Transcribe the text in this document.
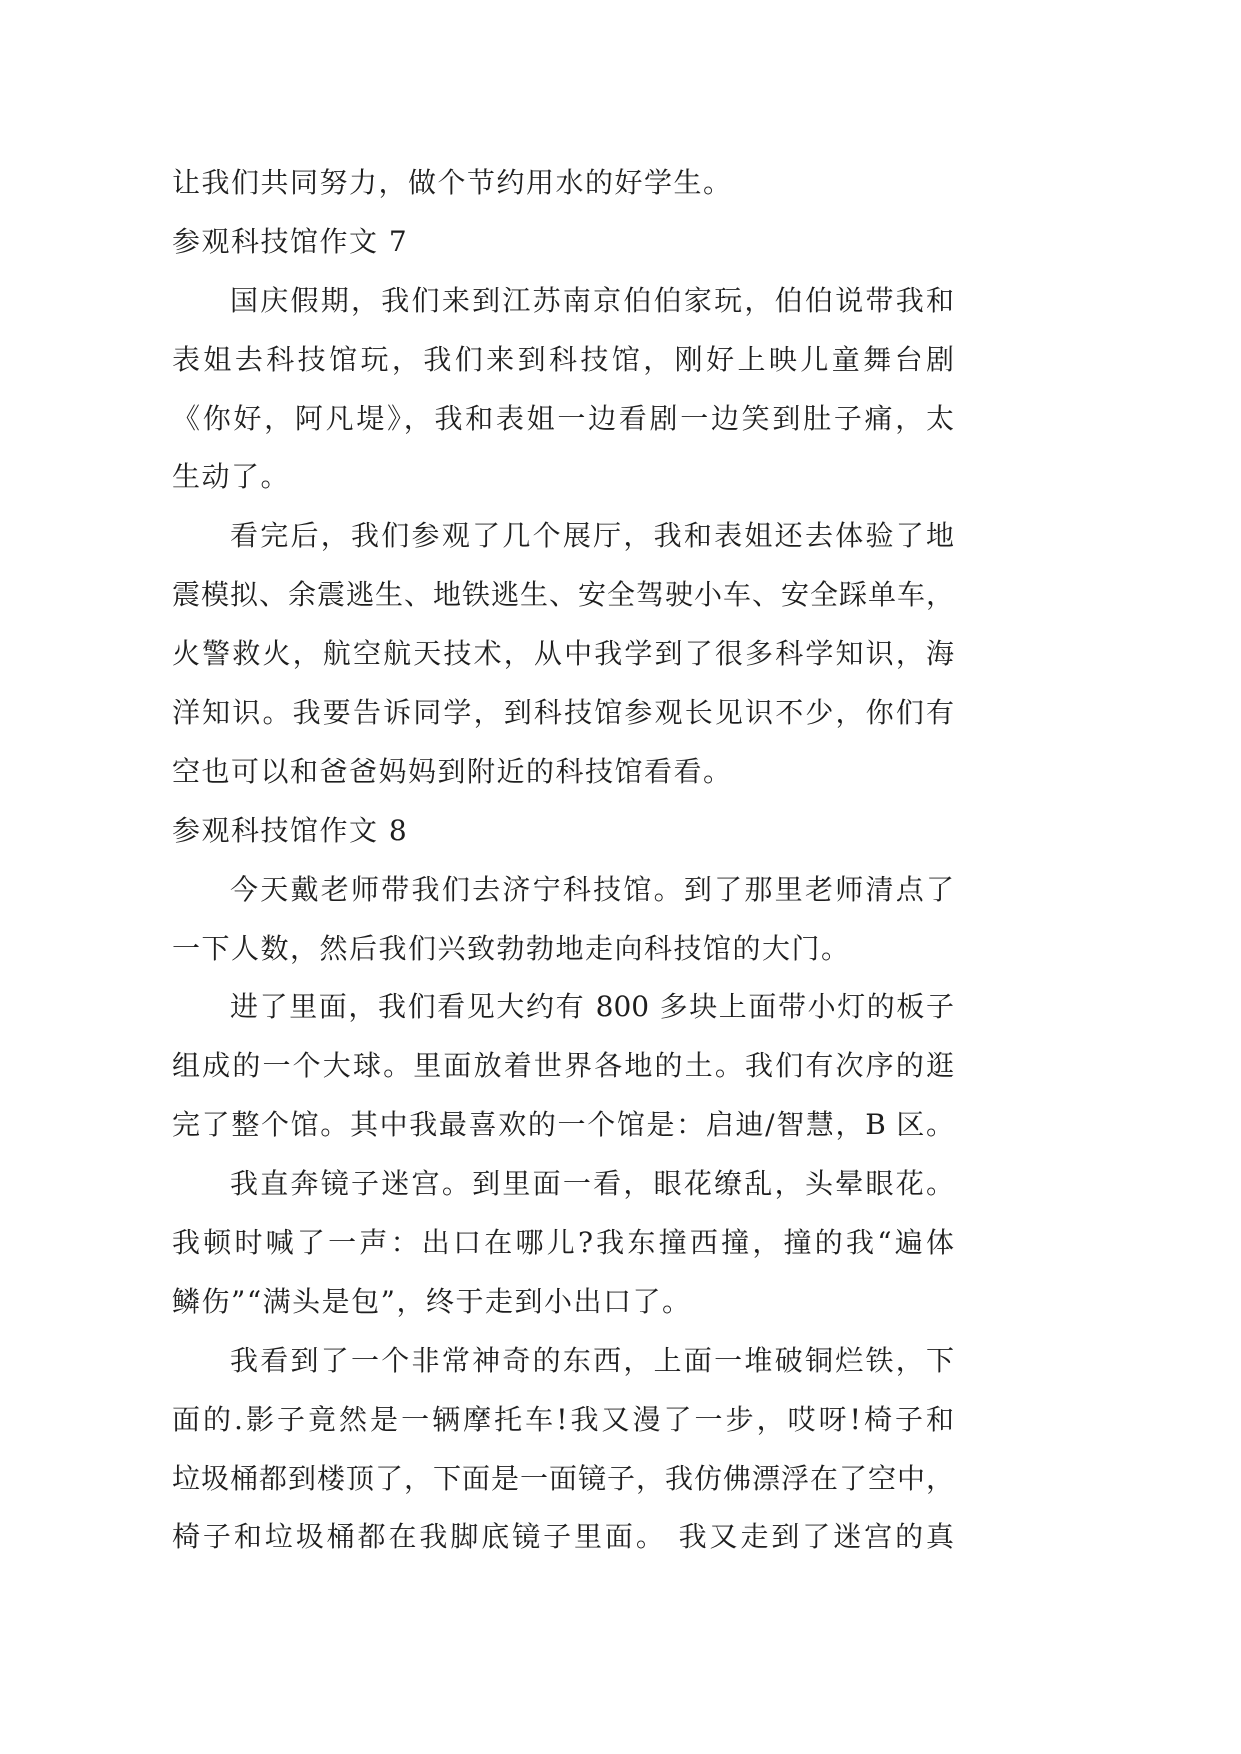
让我们共同努力，做个节约用水的好学生。
参观科技馆作文 7
国庆假期，我们来到江苏南京伯伯家玩，伯伯说带我和
表姐去科技馆玩，我们来到科技馆，刚好上映儿童舞台剧
《你好，阿凡堤》，我和表姐一边看剧一边笑到肚子痛，太
生动了。
看完后，我们参观了几个展厅，我和表姐还去体验了地
震模拟、余震逃生、地铁逃生、安全驾驶小车、安全踩单车，
火警救火，航空航天技术，从中我学到了很多科学知识，海
洋知识。我要告诉同学，到科技馆参观长见识不少，你们有
空也可以和爸爸妈妈到附近的科技馆看看。
参观科技馆作文 8
今天戴老师带我们去济宁科技馆。到了那里老师清点了
一下人数，然后我们兴致勃勃地走向科技馆的大门。
进了里面，我们看见大约有 800 多块上面带小灯的板子
组成的一个大球。里面放着世界各地的土。我们有次序的逛
完了整个馆。其中我最喜欢的一个馆是：启迪/智慧，B 区。
我直奔镜子迷宫。到里面一看，眼花缭乱，头晕眼花。
我顿时喊了一声：出口在哪儿?我东撞西撞，撞的我“遍体
鳞伤”“满头是包”，终于走到小出口了。
我看到了一个非常神奇的东西，上面一堆破铜烂铁，下
面的.影子竟然是一辆摩托车!我又漫了一步，哎呀!椅子和
垃圾桶都到楼顶了，下面是一面镜子，我仿佛漂浮在了空中，
椅子和垃圾桶都在我脚底镜子里面。 我又走到了迷宫的真
